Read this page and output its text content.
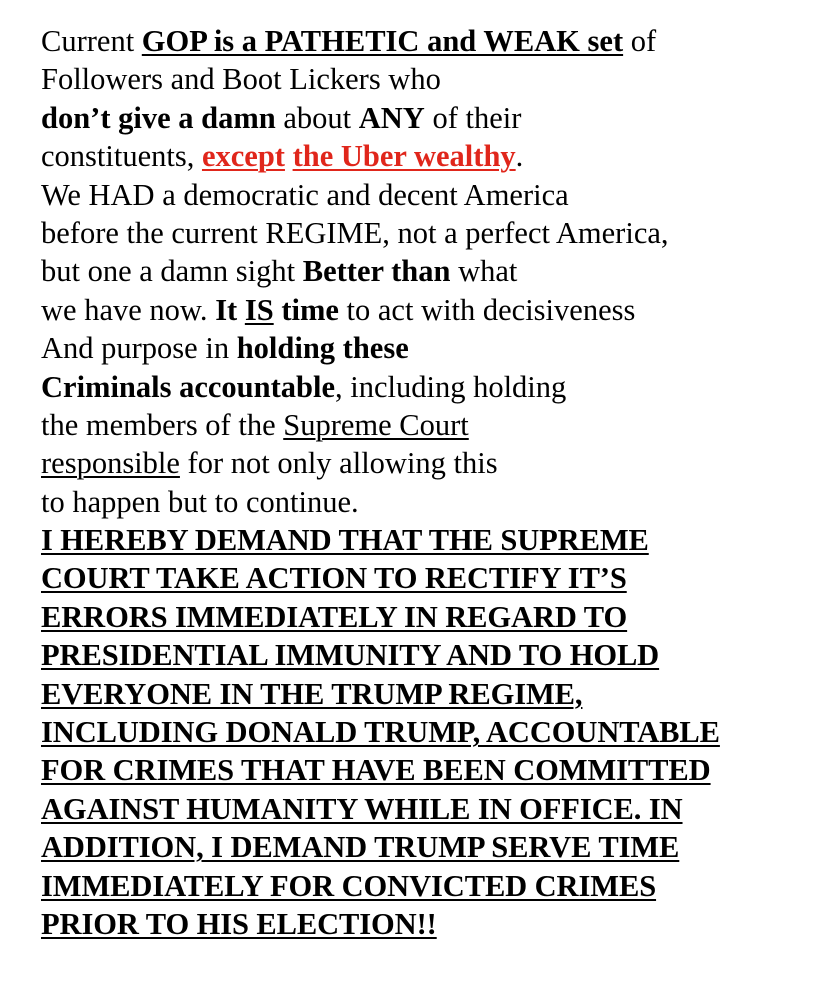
Current GOP is a PATHETIC and WEAK set of
Followers and Boot Lickers who
don’t give a damn about ANY of their
constituents, except the Uber wealthy.
We HAD a democratic and decent America
before the current REGIME, not a perfect America,
but one a damn sight Better than what
we have now. It IS time to act with decisiveness
And purpose in holding these
Criminals accountable, including holding
the members of the Supreme Court
responsible for not only allowing this
to happen but to continue.
I HEREBY DEMAND THAT THE SUPREME
COURT TAKE ACTION TO RECTIFY IT’S
ERRORS IMMEDIATELY IN REGARD TO
PRESIDENTIAL IMMUNITY AND TO HOLD
EVERYONE IN THE TRUMP REGIME,
INCLUDING DONALD TRUMP, ACCOUNTABLE
FOR CRIMES THAT HAVE BEEN COMMITTED
AGAINST HUMANITY WHILE IN OFFICE. IN
ADDITION, I DEMAND TRUMP SERVE TIME
IMMEDIATELY FOR CONVICTED CRIMES
PRIOR TO HIS ELECTION!!
